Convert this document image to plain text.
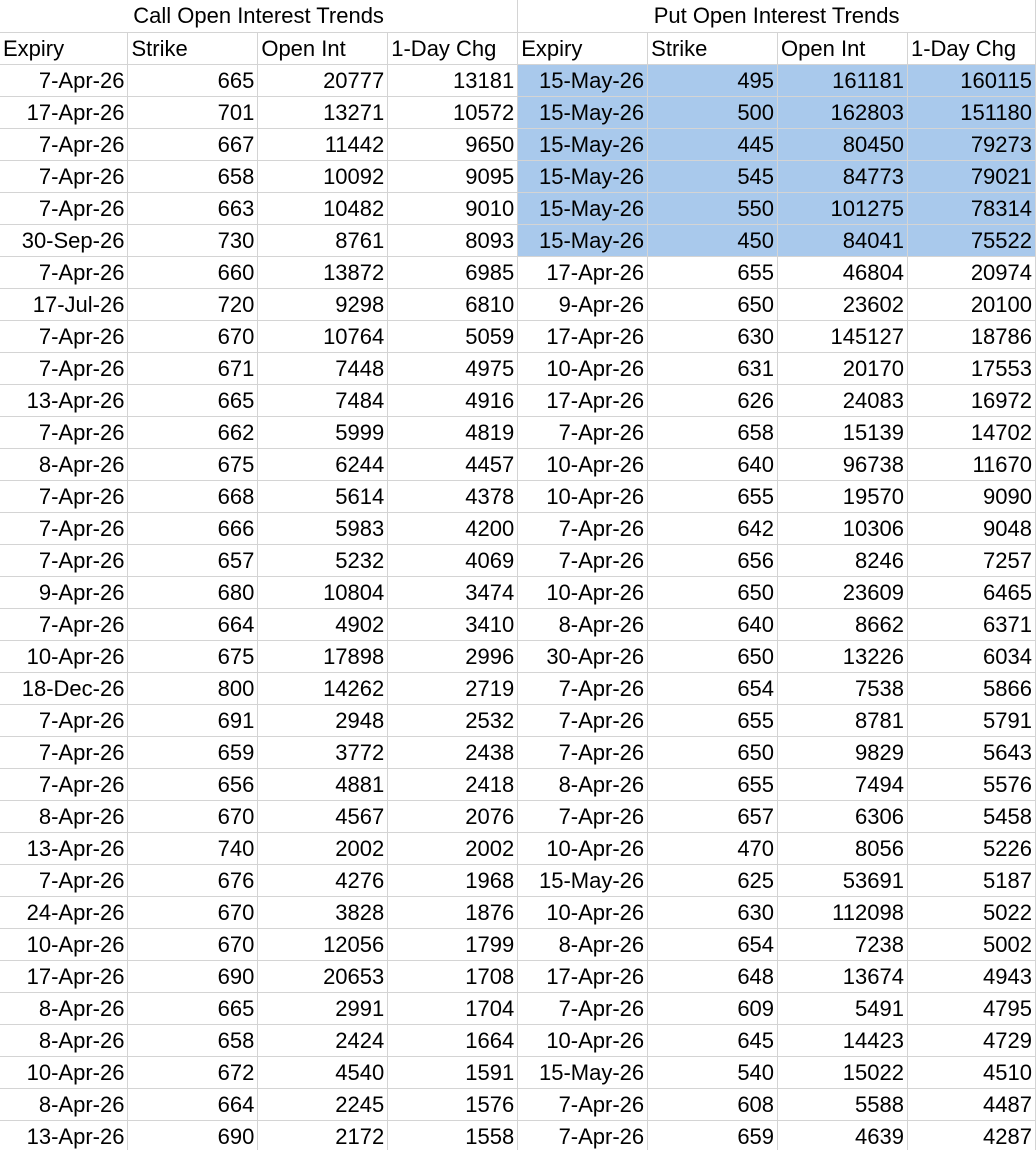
Call Open Interest Trends				Put Open Interest Trends			
Expiry	Strike	Open Int	1-Day Chg	Expiry	Strike	Open Int	1-Day Chg
7-Apr-26	665	20777	13181	15-May-26	495	161181	160115
17-Apr-26	701	13271	10572	15-May-26	500	162803	151180
7-Apr-26	667	11442	9650	15-May-26	445	80450	79273
7-Apr-26	658	10092	9095	15-May-26	545	84773	79021
7-Apr-26	663	10482	9010	15-May-26	550	101275	78314
30-Sep-26	730	8761	8093	15-May-26	450	84041	75522
7-Apr-26	660	13872	6985	17-Apr-26	655	46804	20974
17-Jul-26	720	9298	6810	9-Apr-26	650	23602	20100
7-Apr-26	670	10764	5059	17-Apr-26	630	145127	18786
7-Apr-26	671	7448	4975	10-Apr-26	631	20170	17553
13-Apr-26	665	7484	4916	17-Apr-26	626	24083	16972
7-Apr-26	662	5999	4819	7-Apr-26	658	15139	14702
8-Apr-26	675	6244	4457	10-Apr-26	640	96738	11670
7-Apr-26	668	5614	4378	10-Apr-26	655	19570	9090
7-Apr-26	666	5983	4200	7-Apr-26	642	10306	9048
7-Apr-26	657	5232	4069	7-Apr-26	656	8246	7257
9-Apr-26	680	10804	3474	10-Apr-26	650	23609	6465
7-Apr-26	664	4902	3410	8-Apr-26	640	8662	6371
10-Apr-26	675	17898	2996	30-Apr-26	650	13226	6034
18-Dec-26	800	14262	2719	7-Apr-26	654	7538	5866
7-Apr-26	691	2948	2532	7-Apr-26	655	8781	5791
7-Apr-26	659	3772	2438	7-Apr-26	650	9829	5643
7-Apr-26	656	4881	2418	8-Apr-26	655	7494	5576
8-Apr-26	670	4567	2076	7-Apr-26	657	6306	5458
13-Apr-26	740	2002	2002	10-Apr-26	470	8056	5226
7-Apr-26	676	4276	1968	15-May-26	625	53691	5187
24-Apr-26	670	3828	1876	10-Apr-26	630	112098	5022
10-Apr-26	670	12056	1799	8-Apr-26	654	7238	5002
17-Apr-26	690	20653	1708	17-Apr-26	648	13674	4943
8-Apr-26	665	2991	1704	7-Apr-26	609	5491	4795
8-Apr-26	658	2424	1664	10-Apr-26	645	14423	4729
10-Apr-26	672	4540	1591	15-May-26	540	15022	4510
8-Apr-26	664	2245	1576	7-Apr-26	608	5588	4487
13-Apr-26	690	2172	1558	7-Apr-26	659	4639	4287
